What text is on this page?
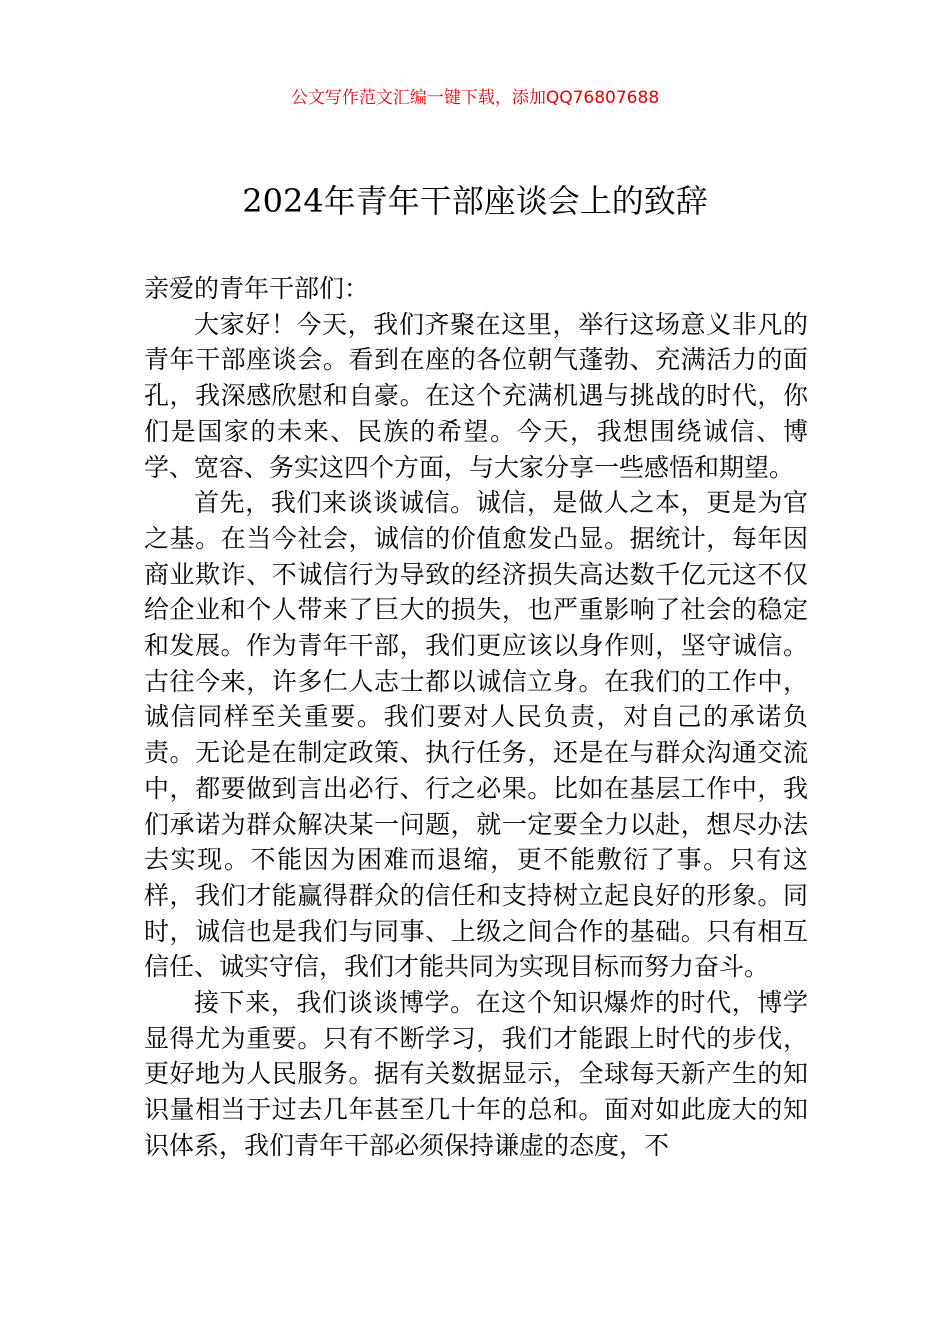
公文写作范文汇编一键下载，添加QQ76807688
2024年青年干部座谈会上的致辞

亲爱的青年干部们：

大家好！今天，我们齐聚在这里，举行这场意义非凡的青年干部座谈会。看到在座的各位朝气蓬勃、充满活力的面孔，我深感欣慰和自豪。在这个充满机遇与挑战的时代，你们是国家的未来、民族的希望。今天，我想围绕诚信、博学、宽容、务实这四个方面，与大家分享一些感悟和期望。

首先，我们来谈谈诚信。诚信，是做人之本，更是为官之基。在当今社会，诚信的价值愈发凸显。据统计，每年因商业欺诈、不诚信行为导致的经济损失高达数千亿元这不仅给企业和个人带来了巨大的损失，也严重影响了社会的稳定和发展。作为青年干部，我们更应该以身作则，坚守诚信。古往今来，许多仁人志士都以诚信立身。在我们的工作中，诚信同样至关重要。我们要对人民负责，对自己的承诺负责。无论是在制定政策、执行任务，还是在与群众沟通交流中，都要做到言出必行、行之必果。比如在基层工作中，我们承诺为群众解决某一问题，就一定要全力以赴，想尽办法去实现。不能因为困难而退缩，更不能敷衍了事。只有这样，我们才能赢得群众的信任和支持树立起良好的形象。同时，诚信也是我们与同事、上级之间合作的基础。只有相互信任、诚实守信，我们才能共同为实现目标而努力奋斗。

接下来，我们谈谈博学。在这个知识爆炸的时代，博学显得尤为重要。只有不断学习，我们才能跟上时代的步伐，更好地为人民服务。据有关数据显示，全球每天新产生的知识量相当于过去几年甚至几十年的总和。面对如此庞大的知识体系，我们青年干部必须保持谦虚的态度，不
